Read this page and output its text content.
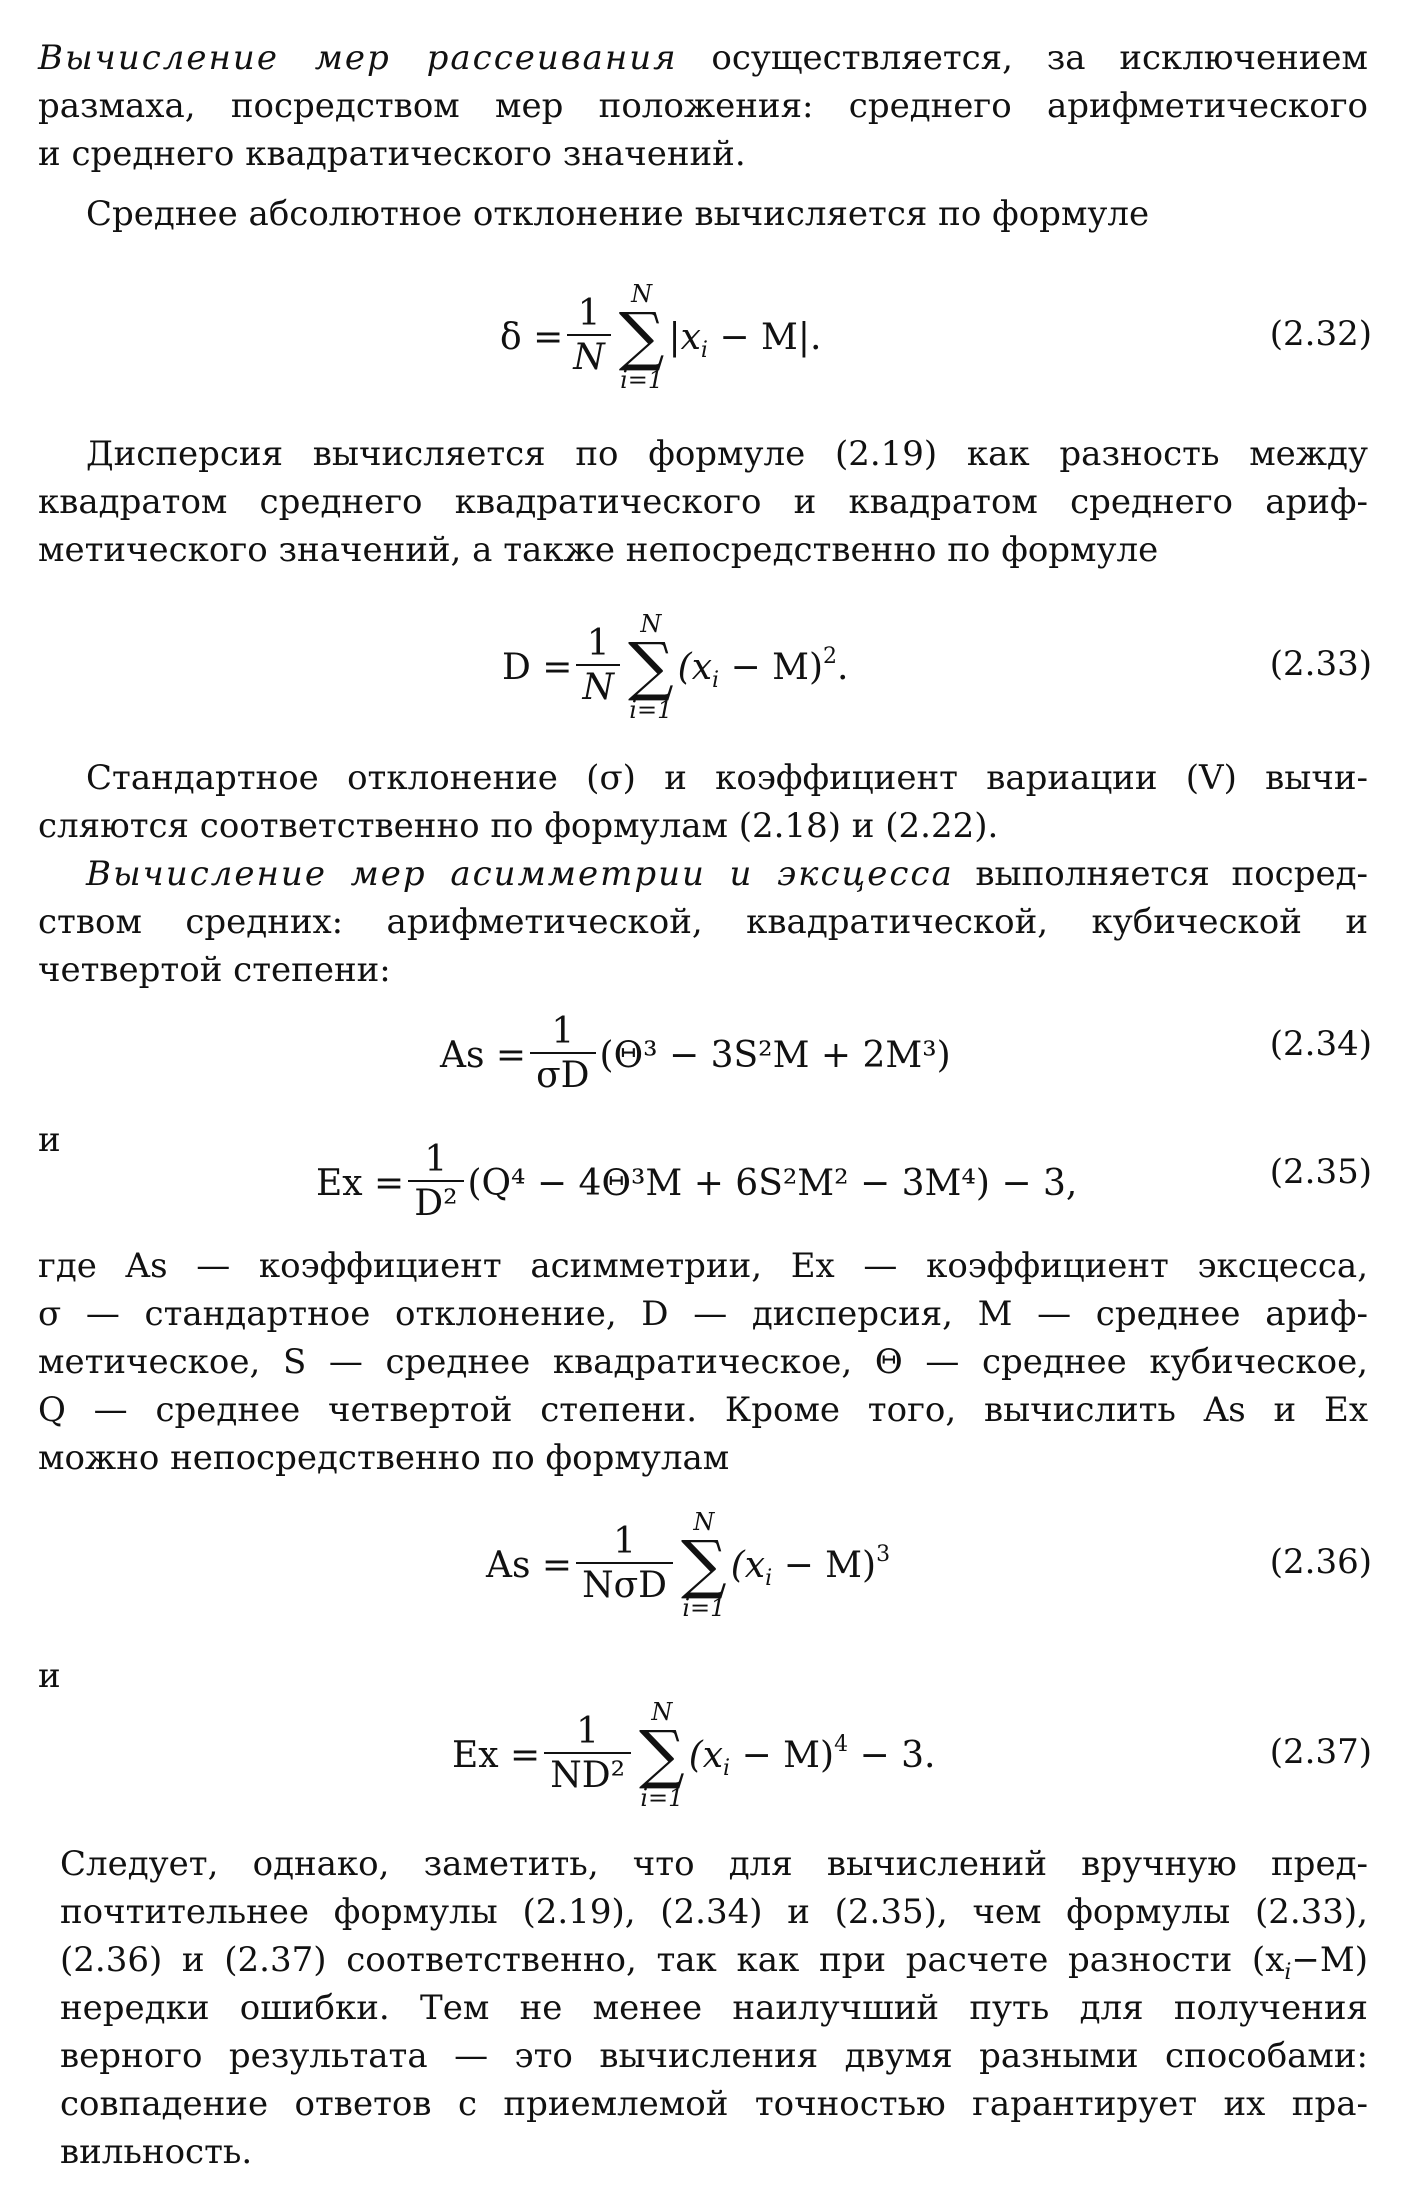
Вычисление мер рассеивания осуществляется, за исключением
размаха, посредством мер положения: среднего арифметического
и среднего квадратического значений.
Среднее абсолютное отклонение вычисляется по формуле
$\delta = \frac{1}{N}$ N
∑
i=1
$|x_i - M|$.	(2.32)
Дисперсия вычисляется по формуле (2.19) как разность между
квадратом среднего квадратического и квадратом среднего ариф-
метического значений, а также непосредственно по формуле
$D = \frac{1}{N}$ N
∑
i=1
$(x_i - M)^2$.	(2.33)
Стандартное отклонение (σ) и коэффициент вариации (V) вычи-
сляются соответственно по формулам (2.18) и (2.22).
Вычисление мер асимметрии и эксцесса выполняется посред-
ством средних: арифметической, квадратической, кубической и
четвертой степени:
$As = \frac{1}{\sigma D} (\Theta^3 - 3S^2M + 2M^3)$	(2.34)
и
$Ex = \frac{1}{\text{D²}} (Q^4 - 4\Theta^3M + 6S^2M^2 - 3M^4) - 3$,	(2.35)
где As — коэффициент асимметрии, Ex — коэффициент эксцесса,
σ — стандартное отклонение, D — дисперсия, M — среднее ариф-
метическое, S — среднее квадратическое, Θ — среднее кубическое,
Q — среднее четвертой степени. Кроме того, вычислить As и Ex
можно непосредственно по формулам
$As = \frac{1}{\text{NσD}}$ N
∑
i=1
$(x_i - M)^3$	(2.36)
и
$Ex = \frac{1}{\text{ND²}}$ N
∑
i=1
$(x_i - M)^4 - 3$.	(2.37)
Следует, однако, заметить, что для вычислений вручную пред-
почтительнее формулы (2.19), (2.34) и (2.35), чем формулы (2.33),
(2.36) и (2.37) соответственно, так как при расчете разности $(x_i-M)$
нередки ошибки. Тем не менее наилучший путь для получения
верного результата — это вычисления двумя разными способами:
совпадение ответов с приемлемой точностью гарантирует их пра-
вильность.
